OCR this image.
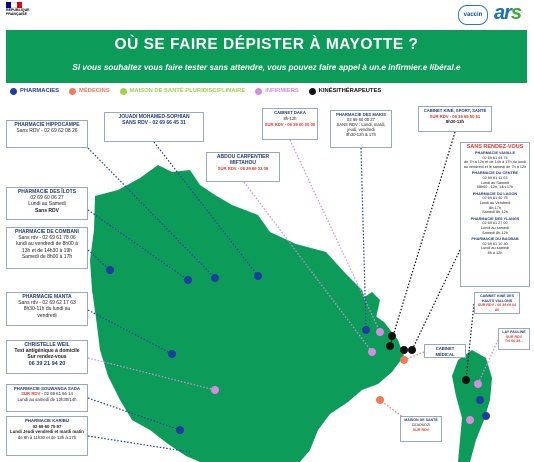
RÉPUBLIQUE
FRANÇAISE	vaccin ars
OÙ SE FAIRE DÉPISTER À MAYOTTE ?
Si vous souhaitez vous faire tester sans attendre, vous pouvez faire appel à un.e infirmier.e libéral.e
PHARMACIES	MÉDECINS	MAISON DE SANTÉ PLURIDISCIPLINAIRE	INFIRMIERS	KINÉSITHÉRAPEUTES
PHARMACIE HIPPOCAMPE
Sans RDV - 02 69 62 08 26
JOUADI MOHAMED-SOPHIAN
SANS RDV - 02 69 66 45 31
CABINET DAKA
8h-12h
SUR RDV - 06 39 00 00 00
PHARMACIE DES MAKIS
02 69 60 00 27
SANS RDV : Lundi, mardi, jeudi, vendredi
8h30-12h & 17h
CABINET KINÉ, SPORT, SANTÉ
SUR RDV - 06 39 69 50 51
8h30-13h
ABDOU CARPENTIER MIFTAHOU
SUR RDV - 06 39 69 23 09
PHARMACIE DES ÎLOTS
02 69 60 06 27
Lundi au Samedi
Sans RDV
PHARMACIE DE COMBANI
Sans rdv - 02 69 61 78 06
lundi au vendredi de 8h00 à
13h et de 14h30 à 19h
Samedi de 8h00 à 17h
PHARMACIE MANTA
Sans rdv - 02 69 62 17 63
8h30-11h du lundi au
vendredi
CHRISTELLE WEIL
Test antigénique à domicile
Sur rendez-vous
06 39 21 94 20
PHARMACIE SOUWANGA SADA
SUR RDV - 02 69 61 66 14
Lundi au samedi de 12h30/14h
PHARMACIE KARIBU
02 69 60 75 97
Lundi Jeudi vendredi et mardi matin
de 8h à 11h30 et de 13h à 17h
SANS RENDEZ-VOUS
PHARMACIE VANILLE
02 69 61 04 74
de 7h à 12h et de 14h à 17h du lundi au vendredi et le samedi de 7h à 12h
PHARMACIE DU CENTRE
02 69 61 11 03
Lundi au Samedi
08h00 - 12h, 14h-17h
PHARMACIE DU LAGON
02 69 61 40 75
Lundi au Vendredi
8h-17h
Samedi 8h-12h
PHARMACIE DES YLANGS
02 69 61 27 00
Lundi au samedi
Samedi 8h-12h
PHARMACIE DU BAOBAB
02 69 61 10 40
Lundi au samedi
8h à 12h
CABINET KINÉ DES HAUTS VALLONS
SUR RDV - 06 39 69 04 80
LAY PAULINE
SUR RDV
Tél 06 39...
CABINET MÉDICAL
MAISON DE SANTÉ
DZAOUDZI
SUR RDV
